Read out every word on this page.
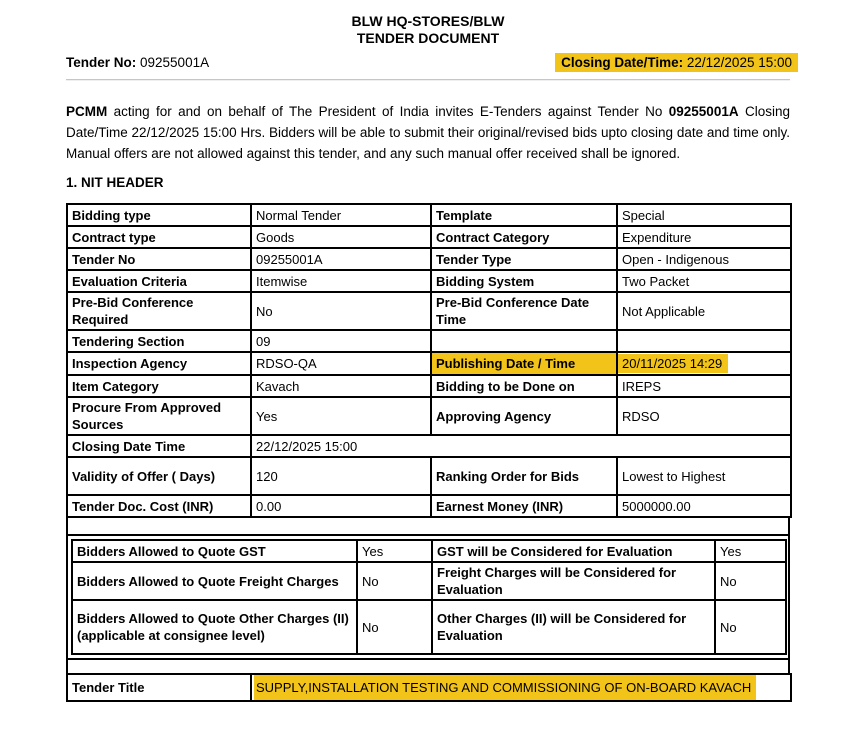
BLW HQ-STORES/BLW
TENDER DOCUMENT
Tender No: 09255001A	Closing Date/Time: 22/12/2025 15:00

PCMM acting for and on behalf of The President of India invites E-Tenders against Tender No 09255001A Closing Date/Time 22/12/2025 15:00 Hrs. Bidders will be able to submit their original/revised bids upto closing date and time only. Manual offers are not allowed against this tender, and any such manual offer received shall be ignored.

1. NIT HEADER
Bidding type	Normal Tender	Template	Special
Contract type	Goods	Contract Category	Expenditure
Tender No	09255001A	Tender Type	Open - Indigenous
Evaluation Criteria	Itemwise	Bidding System	Two Packet
Pre-Bid Conference Required	No	Pre-Bid Conference Date Time	Not Applicable
Tendering Section	09		
Inspection Agency	RDSO-QA	Publishing Date / Time	20/11/2025 14:29
Item Category	Kavach	Bidding to be Done on	IREPS
Procure From Approved Sources	Yes	Approving Agency	RDSO
Closing Date Time	22/12/2025 15:00		
Validity of Offer ( Days)	120	Ranking Order for Bids	Lowest to Highest
Tender Doc. Cost (INR)	0.00	Earnest Money (INR)	5000000.00
Bidders Allowed to Quote GST	Yes	GST will be Considered for Evaluation	Yes
Bidders Allowed to Quote Freight Charges	No	Freight Charges will be Considered for Evaluation	No

Bidders Allowed to Quote Other Charges (II)
(applicable at consignee level)	No	Other Charges (II) will be Considered for Evaluation	No
Tender Title	SUPPLY,INSTALLATION TESTING AND COMMISSIONING OF ON-BOARD KAVACH
